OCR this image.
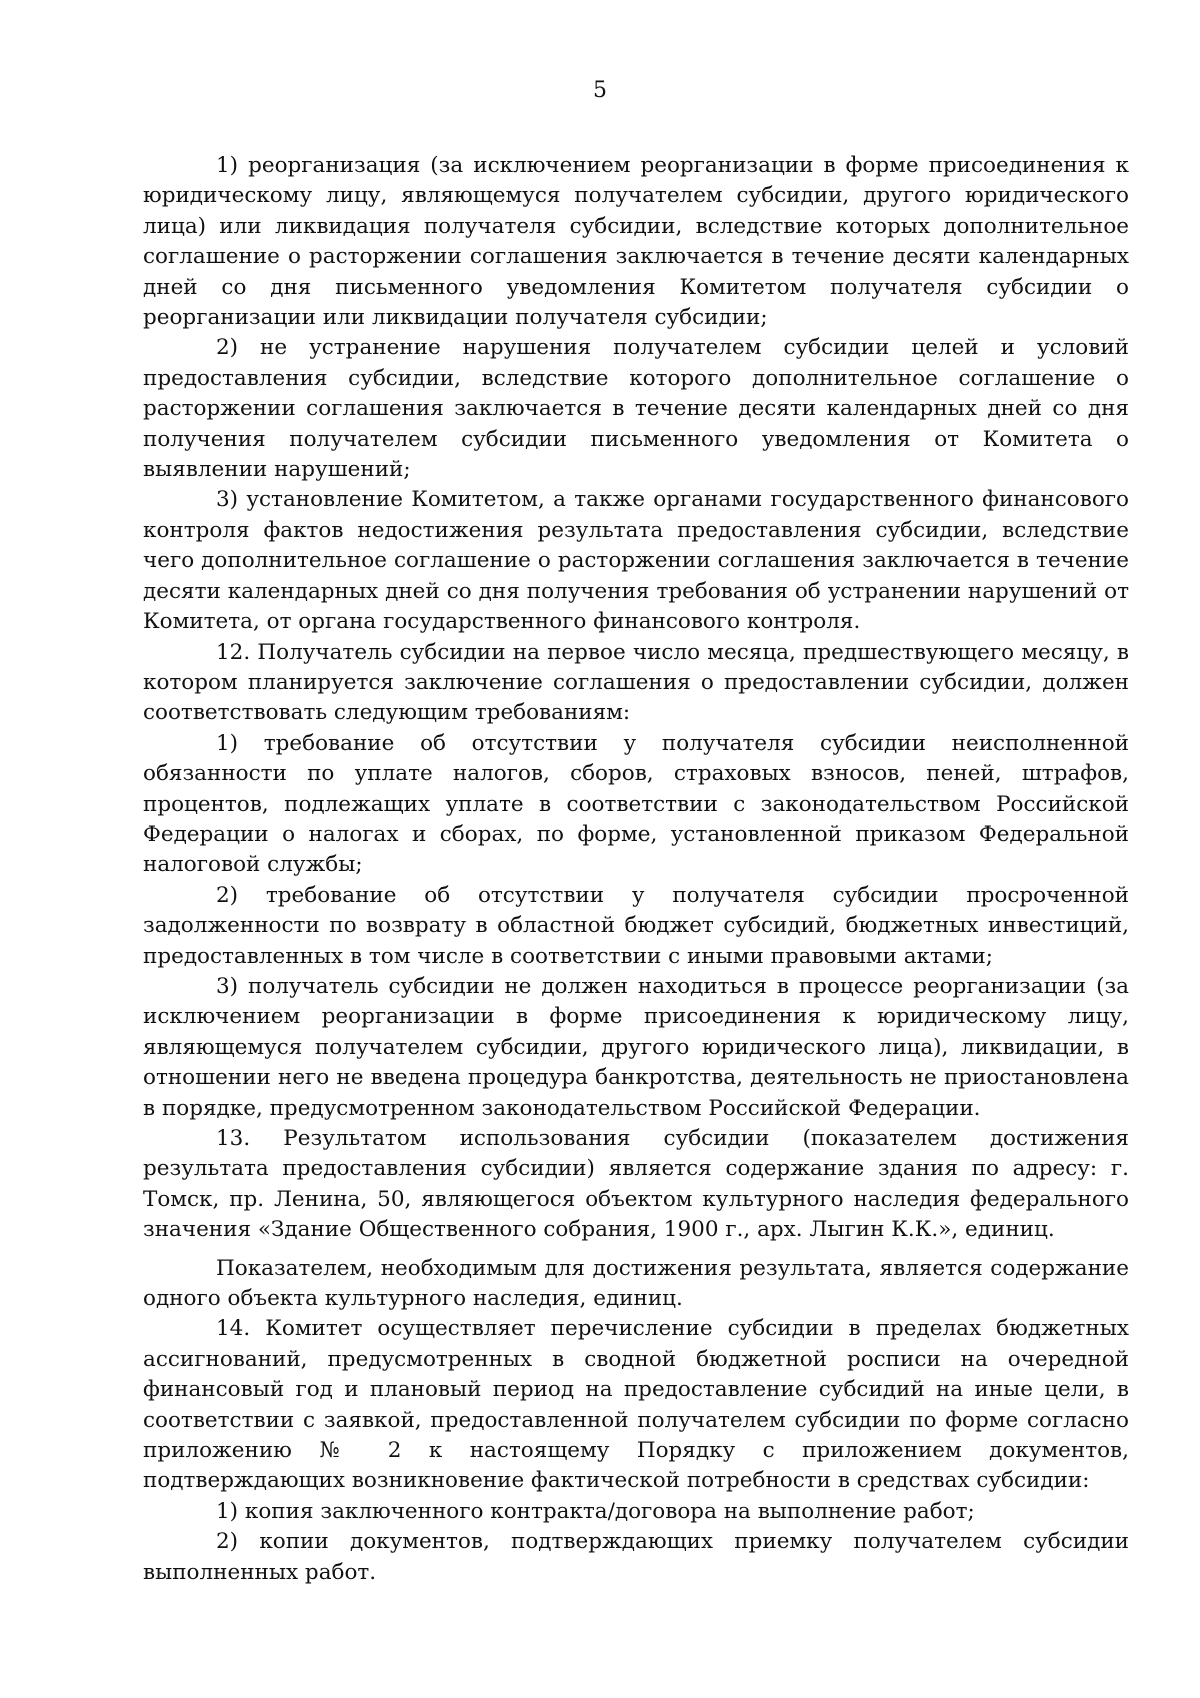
5

1) реорганизация (за исключением реорганизации в форме присоединения к юридическому лицу, являющемуся получателем субсидии, другого юридического лица) или ликвидация получателя субсидии, вследствие которых дополнительное соглашение о расторжении соглашения заключается в течение десяти календарных дней со дня письменного уведомления Комитетом получателя субсидии о реорганизации или ликвидации получателя субсидии;

2) не устранение нарушения получателем субсидии целей и условий предоставления субсидии, вследствие которого дополнительное соглашение о расторжении соглашения заключается в течение десяти календарных дней со дня получения получателем субсидии письменного уведомления от Комитета о выявлении нарушений;

3) установление Комитетом, а также органами государственного финансового контроля фактов недостижения результата предоставления субсидии, вследствие чего дополнительное соглашение о расторжении соглашения заключается в течение десяти календарных дней со дня получения требования об устранении нарушений от Комитета, от органа государственного финансового контроля.

12. Получатель субсидии на первое число месяца, предшествующего месяцу, в котором планируется заключение соглашения о предоставлении субсидии, должен соответствовать следующим требованиям:

1) требование об отсутствии у получателя субсидии неисполненной обязанности по уплате налогов, сборов, страховых взносов, пеней, штрафов, процентов, подлежащих уплате в соответствии с законодательством Российской Федерации о налогах и сборах, по форме, установленной приказом Федеральной налоговой службы;

2) требование об отсутствии у получателя субсидии просроченной задолженности по возврату в областной бюджет субсидий, бюджетных инвестиций, предоставленных в том числе в соответствии с иными правовыми актами;

3) получатель субсидии не должен находиться в процессе реорганизации (за исключением реорганизации в форме присоединения к юридическому лицу, являющемуся получателем субсидии, другого юридического лица), ликвидации, в отношении него не введена процедура банкротства, деятельность не приостановлена в порядке, предусмотренном законодательством Российской Федерации.

13. Результатом использования субсидии (показателем достижения результата предоставления субсидии) является содержание здания по адресу: г. Томск, пр. Ленина, 50, являющегося объектом культурного наследия федерального значения «Здание Общественного собрания, 1900 г., арх. Лыгин К.К.», единиц.

Показателем, необходимым для достижения результата, является содержание одного объекта культурного наследия, единиц.

14. Комитет осуществляет перечисление субсидии в пределах бюджетных ассигнований, предусмотренных в сводной бюджетной росписи на очередной финансовый год и плановый период на предоставление субсидий на иные цели, в соответствии с заявкой, предоставленной получателем субсидии по форме согласно приложению № 2 к настоящему Порядку с приложением документов, подтверждающих возникновение фактической потребности в средствах субсидии:

1) копия заключенного контракта/договора на выполнение работ;

2) копии документов, подтверждающих приемку получателем субсидии выполненных работ.
